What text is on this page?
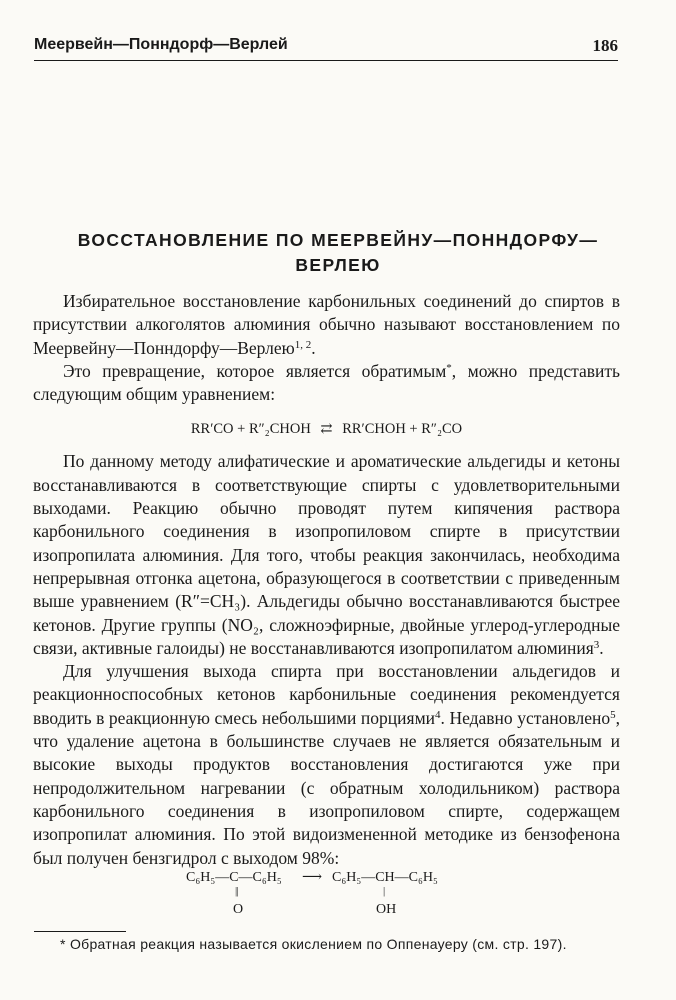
Меервейн—Понндорф—Верлей	186
ВОССТАНОВЛЕНИЕ ПО МЕЕРВЕЙНУ—ПОННДОРФУ—
ВЕРЛЕЮ

Избирательное восстановление карбонильных соединений до спиртов в присутствии алкоголятов алюминия обычно называют восстановлением по Меервейну—Понндорфу—Верлею$^{1, 2}$.

Это превращение, которое является обратимым*, можно представить следующим общим уравнением:

RR′CO + R″₂CHOH ⇄ RR′CHOH + R″₂CO

По данному методу алифатические и ароматические альдегиды и кетоны восстанавливаются в соответствующие спирты с удовлетворительными выходами. Реакцию обычно проводят путем кипячения раствора карбонильного соединения в изопропиловом спирте в присутствии изопропилата алюминия. Для того, чтобы реакция закончилась, необходима непрерывная отгонка ацетона, образующегося в соответствии с приведенным выше уравнением (R″=CH₃). Альдегиды обычно восстанавливаются быстрее кетонов. Другие группы (NO₂, сложноэфирные, двойные углерод-углеродные связи, активные галоиды) не восстанавливаются изопропилатом алюминия$^3$.

Для улучшения выхода спирта при восстановлении альдегидов и реакционноспособных кетонов карбонильные соединения рекомендуется вводить в реакционную смесь небольшими порциями$^4$. Недавно установлено$^5$, что удаление ацетона в большинстве случаев не является обязательным и высокие выходы продуктов восстановления достигаются уже при непродолжительном нагревании (с обратным холодильником) раствора карбонильного соединения в изопропиловом спирте, содержащем изопропилат алюминия. По этой видоизмененной методике из бензофенона был получен бензгидрол с выходом 98%:

C₆H₅—C—C₆H₅
||
O
⟶ C₆H₅—CH—C₆H₅
|
OH
* Обратная реакция называется окислением по Оппенауеру (см. стр. 197).
